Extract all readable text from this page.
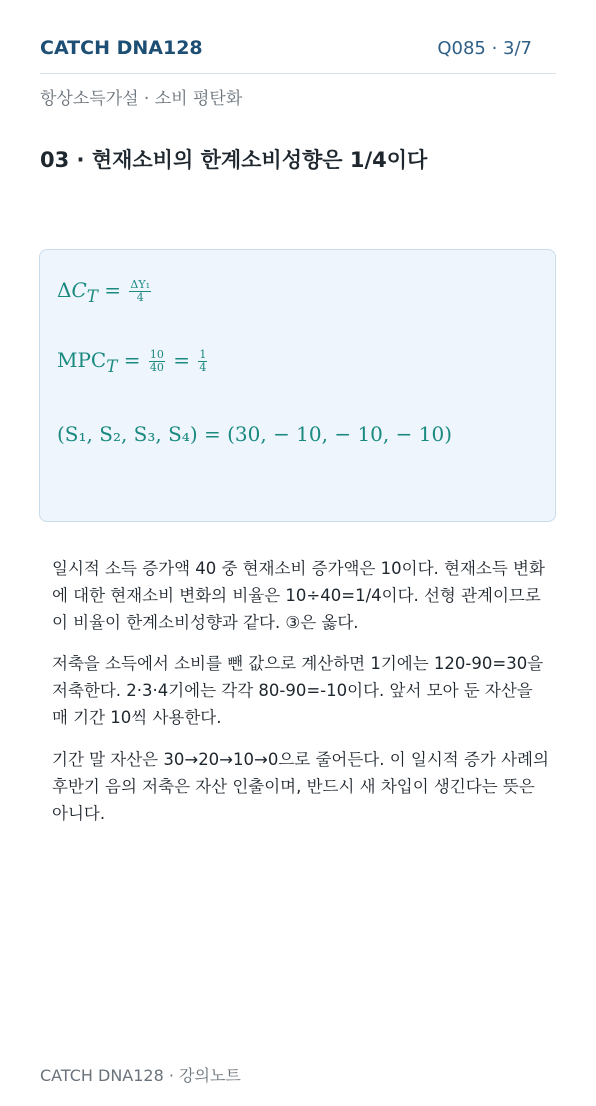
CATCH DNA128	Q085 · 3/7
항상소득가설 · 소비 평탄화
03 · 현재소비의 한계소비성향은 1/4이다
$\Delta C_T = \frac{\text{ΔY₁}}{4}$
$MPC_T = \frac{10}{40} = \frac{1}{4}$
(S₁, S₂, S₃, S₄) = (30, − 10, − 10, − 10)

일시적 소득 증가액 40 중 현재소비 증가액은 10이다. 현재소득 변화에 대한 현재소비 변화의 비율은 10÷40=1/4이다. 선형 관계이므로 이 비율이 한계소비성향과 같다. ③은 옳다.

저축을 소득에서 소비를 뺀 값으로 계산하면 1기에는 120-90=30을 저축한다. 2·3·4기에는 각각 80-90=-10이다. 앞서 모아 둔 자산을 매 기간 10씩 사용한다.

기간 말 자산은 30→20→10→0으로 줄어든다. 이 일시적 증가 사례의 후반기 음의 저축은 자산 인출이며, 반드시 새 차입이 생긴다는 뜻은 아니다.

CATCH DNA128 · 강의노트
